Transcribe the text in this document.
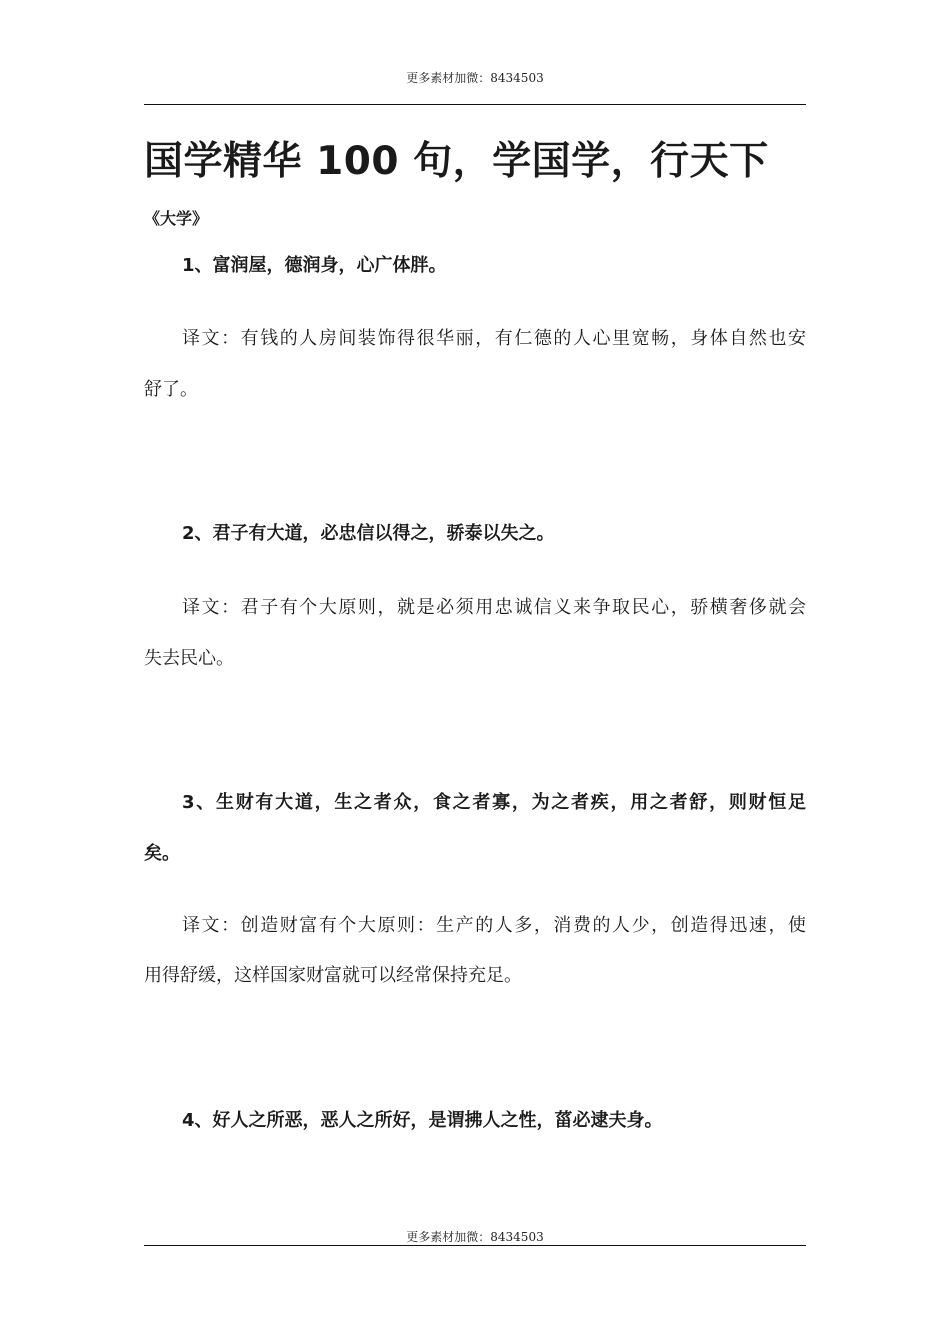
更多素材加微：8434503
国学精华 100 句，学国学，行天下
《大学》
1、富润屋，德润身，心广体胖。
译文：有钱的人房间装饰得很华丽，有仁德的人心里宽畅，身体自然也安
舒了。
2、君子有大道，必忠信以得之，骄泰以失之。
译文：君子有个大原则，就是必须用忠诚信义来争取民心，骄横奢侈就会
失去民心。
3、生财有大道，生之者众，食之者寡，为之者疾，用之者舒，则财恒足
矣。
译文：创造财富有个大原则：生产的人多，消费的人少，创造得迅速，使
用得舒缓，这样国家财富就可以经常保持充足。
4、好人之所恶，恶人之所好，是谓拂人之性，菑必逮夫身。
更多素材加微：8434503
